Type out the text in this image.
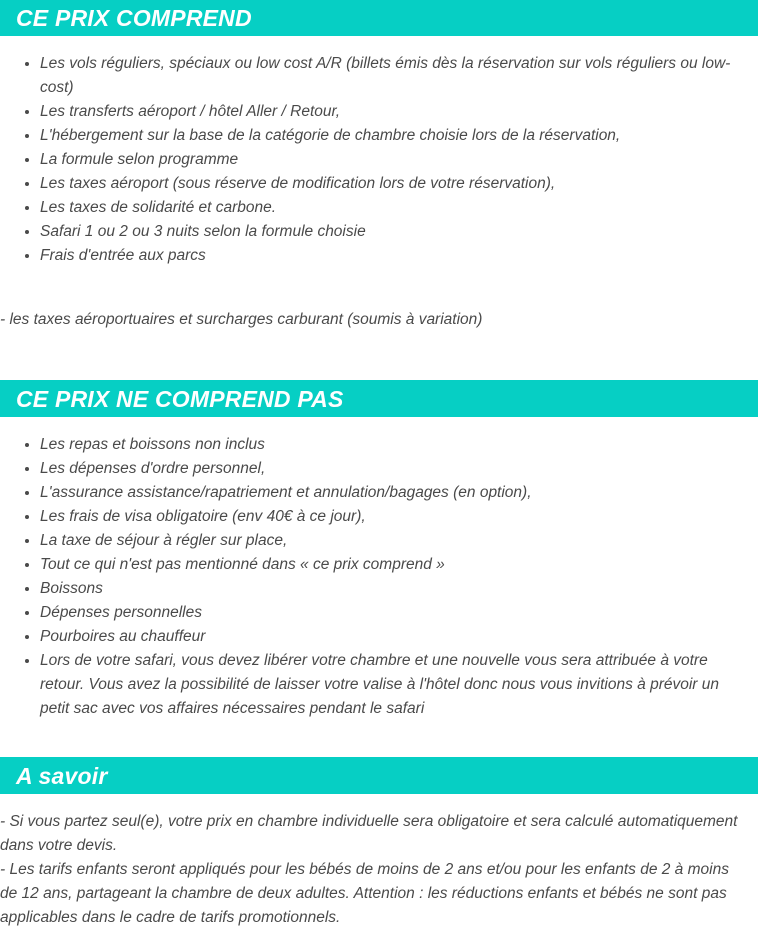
CE PRIX COMPREND
Les vols réguliers, spéciaux ou low cost A/R (billets émis dès la réservation sur vols réguliers ou low-cost)
Les transferts aéroport / hôtel Aller / Retour,
L'hébergement sur la base de la catégorie de chambre choisie lors de la réservation,
La formule selon programme
Les taxes aéroport (sous réserve de modification lors de votre réservation),
Les taxes de solidarité et carbone.
Safari 1 ou 2 ou 3 nuits selon la formule choisie
Frais d'entrée aux parcs

- les taxes aéroportuaires et surcharges carburant (soumis à variation)

CE PRIX NE COMPREND PAS
Les repas et boissons non inclus
Les dépenses d'ordre personnel,
L'assurance assistance/rapatriement et annulation/bagages (en option),
Les frais de visa obligatoire (env 40€ à ce jour),
La taxe de séjour à régler sur place,
Tout ce qui n'est pas mentionné dans « ce prix comprend »
Boissons
Dépenses personnelles
Pourboires au chauffeur
Lors de votre safari, vous devez libérer votre chambre et une nouvelle vous sera attribuée à votre retour. Vous avez la possibilité de laisser votre valise à l'hôtel donc nous vous invitions à prévoir un petit sac avec vos affaires nécessaires pendant le safari
A savoir

- Si vous partez seul(e), votre prix en chambre individuelle sera obligatoire et sera calculé automatiquement dans votre devis.

- Les tarifs enfants seront appliqués pour les bébés de moins de 2 ans et/ou pour les enfants de 2 à moins de 12 ans, partageant la chambre de deux adultes. Attention : les réductions enfants et bébés ne sont pas applicables dans le cadre de tarifs promotionnels.
